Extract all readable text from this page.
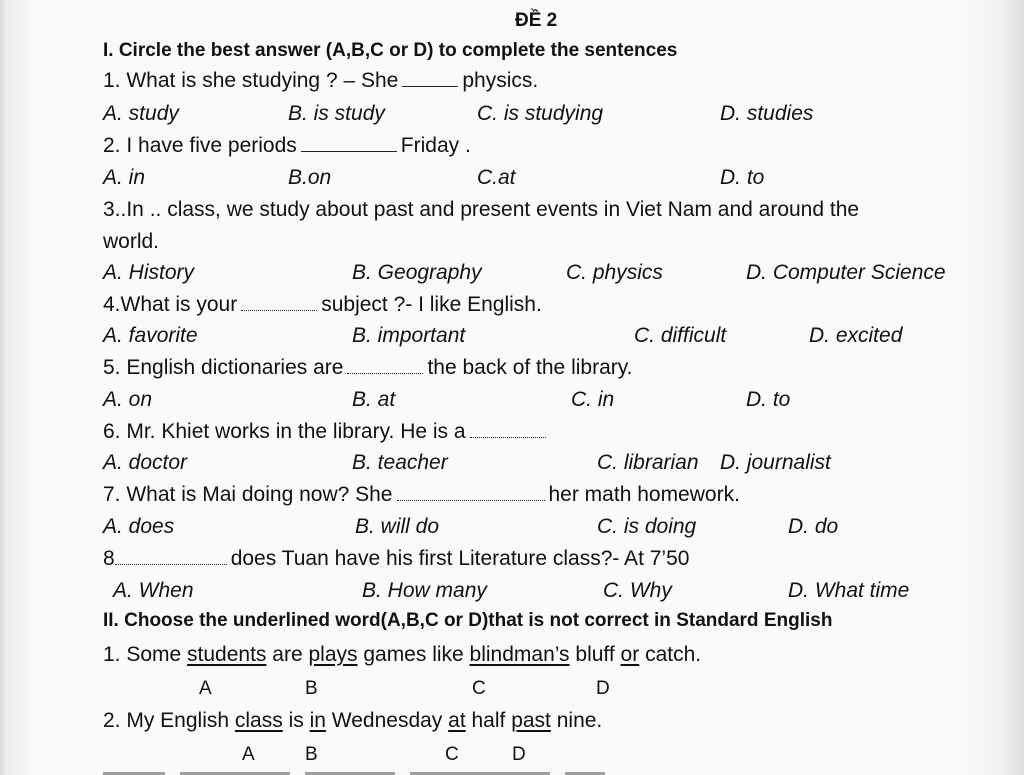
ĐỀ 2
I. Circle the best answer (A,B,C or D) to complete the sentences
1. What is she studying ? – She	physics.
A. study	B. is study	C. is studying	D. studies
2. I have five periods	Friday .
A. in	B.on	C.at	D. to
3..In .. class, we study about past and present events in Viet Nam and around the
world.
A. History	B. Geography	C. physics	D. Computer Science
4.What is your	subject ?- I like English.
A. favorite	B. important	C. difficult	D. excited
5. English dictionaries are	the back of the library.
A. on	B. at	C. in	D. to
6. Mr. Khiet works in the library. He is a
A. doctor	B. teacher	C. librarian D. journalist
7. What is Mai doing now? She	her math homework.
A. does	B. will do	C. is doing	D. do
8	does Tuan have his first Literature class?- At 7’50
A. When	B. How many	C. Why	D. What time
II. Choose the underlined word(A,B,C or D)that is not correct in Standard English
1. Some students are plays games like blindman’s bluff or catch.
A	B	C	D
2. My English class is in Wednesday at half past nine.
A	B	C	D
